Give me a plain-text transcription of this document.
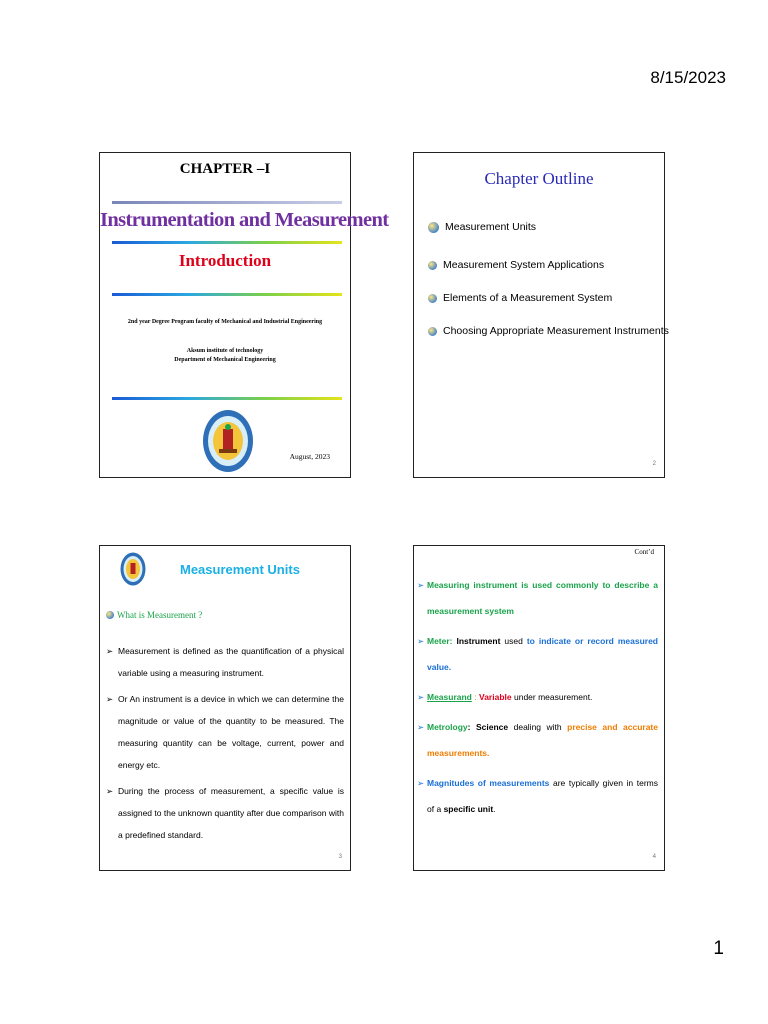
8/15/2023
CHAPTER –I
Instrumentation and Measurement
Introduction
2nd year Degree Program faculty of Mechanical and Industrial Engineering
Aksum institute of technology
Department of Mechanical Engineering
August, 2023
Chapter Outline
Measurement Units
Measurement System Applications
Elements of a Measurement System
Choosing Appropriate Measurement Instruments
2
Measurement Units
What is Measurement ?

➢ Measurement is defined as the quantification of a physical variable using a measuring instrument.

➢ Or An instrument is a device in which we can determine the magnitude or value of the quantity to be measured. The measuring quantity can be voltage, current, power and energy etc.

➢ During the process of measurement, a specific value is assigned to the unknown quantity after due comparison with a predefined standard.

3
Cont’d

➢ Measuring instrument is used commonly to describe a measurement system

➢ Meter: Instrument used to indicate or record measured value.

➢ Measurand : Variable under measurement.

➢ Metrology: Science dealing with precise and accurate measurements.

➢ Magnitudes of measurements are typically given in terms of a specific unit.

4
1
